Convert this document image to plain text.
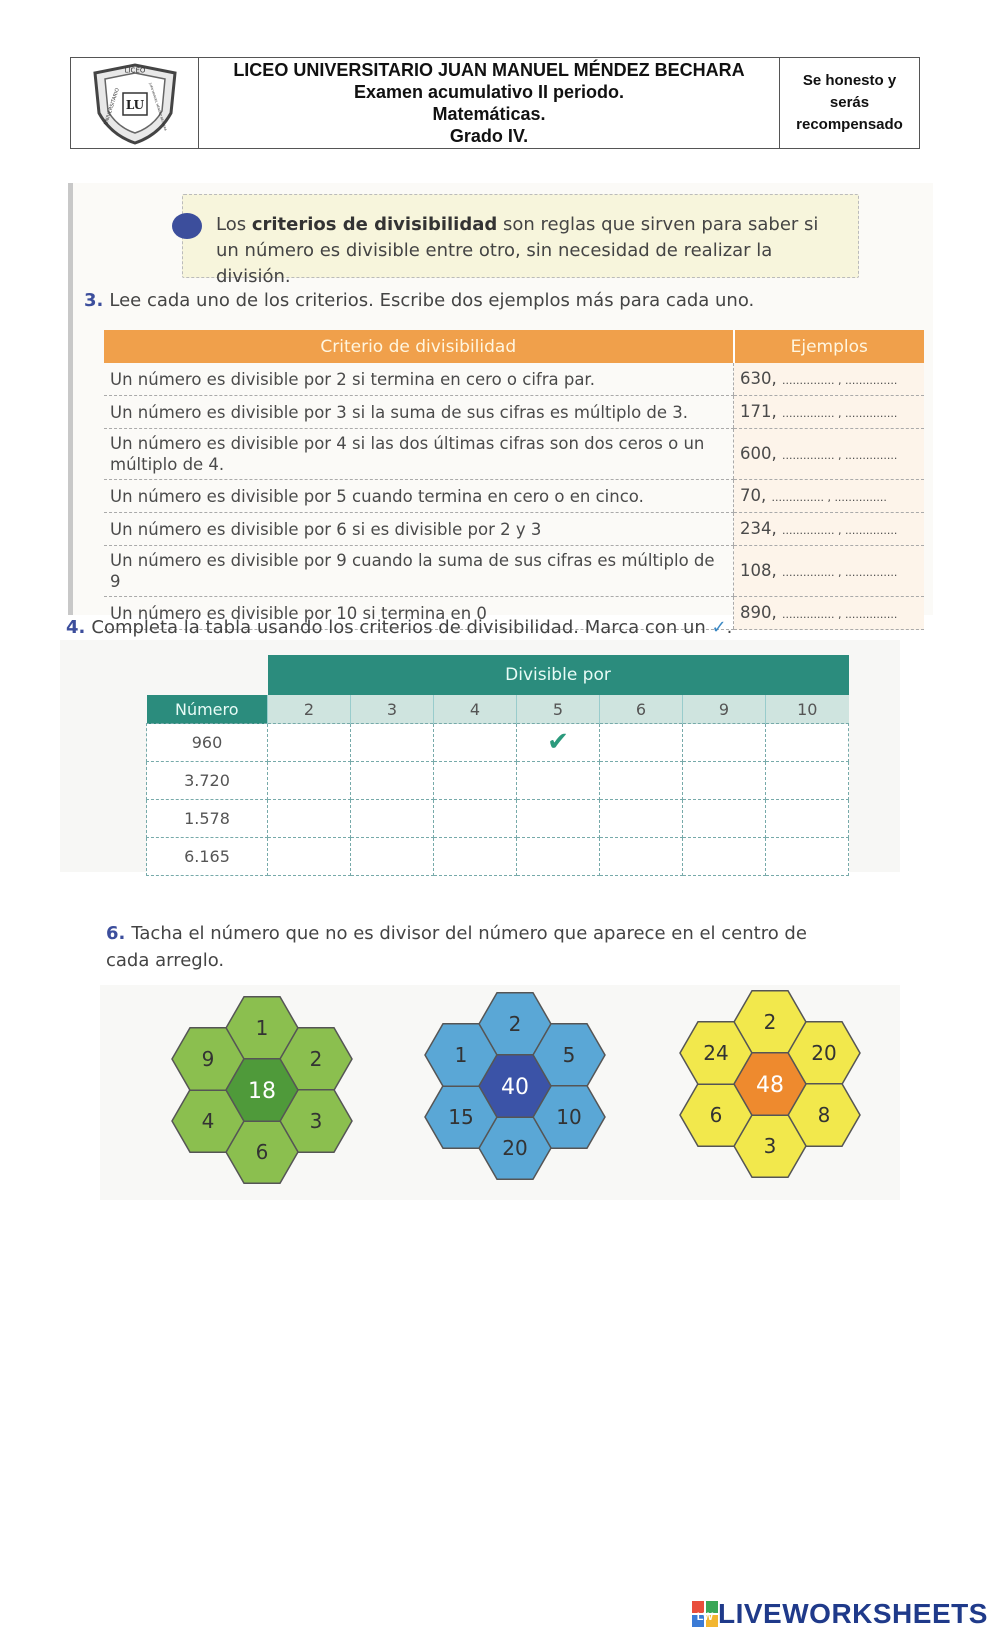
LICEO
UNIVERSITARIO LU JUAN MANUEL MÉNDEZ BECHARA
LICEO UNIVERSITARIO JUAN MANUEL MÉNDEZ BECHARA
Examen acumulativo II periodo.
Matemáticas.
Grado IV.
Se honesto y serás recompensado
Los criterios de divisibilidad son reglas que sirven para saber si un número es divisible entre otro, sin necesidad de realizar la división.
3. Lee cada uno de los criterios. Escribe dos ejemplos más para cada uno.
Criterio de divisibilidad	Ejemplos
Un número es divisible por 2 si termina en cero o cifra par.	630, ............... , ...............
Un número es divisible por 3 si la suma de sus cifras es múltiplo de 3.	171, ............... , ...............
Un número es divisible por 4 si las dos últimas cifras son dos ceros o un múltiplo de 4.	600, ............... , ...............
Un número es divisible por 5 cuando termina en cero o en cinco.	70, ............... , ...............
Un número es divisible por 6 si es divisible por 2 y 3	234, ............... , ...............
Un número es divisible por 9 cuando la suma de sus cifras es múltiplo de 9	108, ............... , ...............
Un número es divisible por 10 si termina en 0	890, ............... , ...............
4. Completa la tabla usando los criterios de divisibilidad. Marca con un ✓.
	Divisible por						
Número	2	3	4	5	6	9	10
960				✔			
3.720							
1.578							
6.165							
6. Tacha el número que no es divisor del número que aparece en el centro de cada arreglo.
1
2
3
6
4
9
18
2
5
10
20
15
1
40
2
20
8
3
6
24
48
LW LIVEWORKSHEETS
